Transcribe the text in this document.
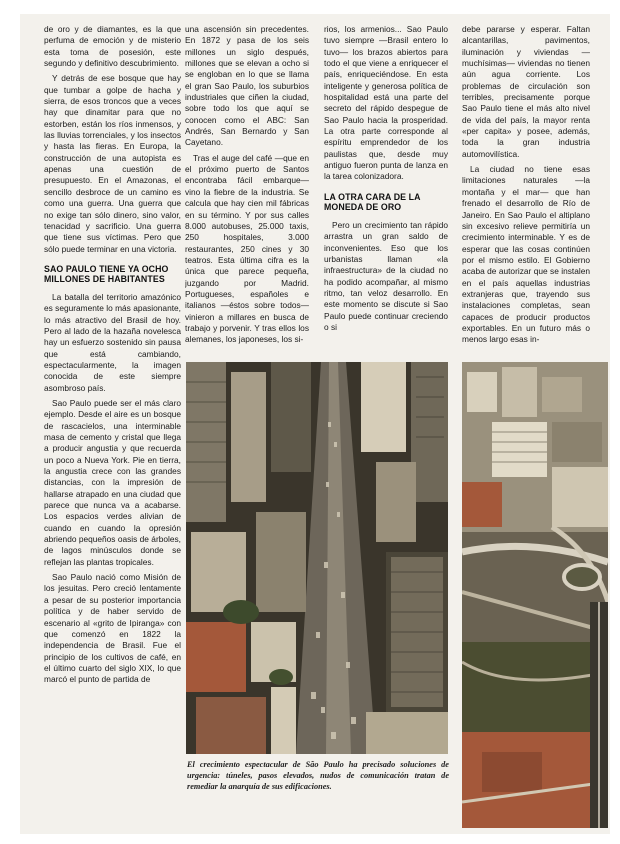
de oro y de diamantes, es la que perfuma de emoción y de misterio esta toma de posesión, este segundo y definitivo descubrimiento.

Y detrás de ese bosque que hay que tumbar a golpe de hacha y sierra, de esos troncos que a veces hay que dinamitar para que no estorben, están los ríos inmensos, y las lluvias torrenciales, y los insectos y hasta las fieras. En Europa, la construcción de una autopista es apenas una cuestión de presupuesto. En el Amazonas, el sencillo desbroce de un camino es como una guerra. Una guerra que no exige tan sólo dinero, sino valor, tenacidad y sacrificio. Una guerra que tiene sus víctimas. Pero que sólo puede terminar en una victoria.

SAO PAULO TIENE YA OCHO MILLONES DE HABITANTES

La batalla del territorio amazónico es seguramente lo más apasionante, lo más atractivo del Brasil de hoy. Pero al lado de la hazaña novelesca hay un esfuerzo sostenido sin pausa que está cambiando, espectacularmente, la imagen conocida de este siempre asombroso país.

Sao Paulo puede ser el más claro ejemplo. Desde el aire es un bosque de rascacielos, una interminable masa de cemento y cristal que llega a producir angustia y que recuerda un poco a Nueva York. Pie en tierra, la angustia crece con las grandes distancias, con la impresión de hallarse atrapado en una ciudad que parece que nunca va a acabarse. Los espacios verdes alivian de cuando en cuando la opresión abriendo pequeños oasis de árboles, de lagos minúsculos donde se reflejan las plantas tropicales.

Sao Paulo nació como Misión de los jesuitas. Pero creció lentamente a pesar de su posterior importancia política y de haber servido de escenario al «grito de Ipiranga» con que comenzó en 1822 la independencia de Brasil. Fue el principio de los cultivos de café, en el último cuarto del siglo XIX, lo que marcó el punto de partida de

una ascensión sin precedentes. En 1872 y pasa de los seis millones un siglo después, millones que se elevan a ocho si se engloban en lo que se llama el gran Sao Paulo, los suburbios industriales que ciñen la ciudad, sobre todo los que aquí se conocen como el ABC: San Andrés, San Bernardo y San Cayetano.

Tras el auge del café —que en el próximo puerto de Santos encontraba fácil embarque— vino la fiebre de la industria. Se calcula que hay cien mil fábricas en su término. Y por sus calles 8.000 autobuses, 25.000 taxis, 250 hospitales, 3.000 restaurantes, 250 cines y 30 teatros. Esta última cifra es la única que parece pequeña, juzgando por Madrid. Portugueses, españoles e italianos —éstos sobre todos— vinieron a millares en busca de trabajo y porvenir. Y tras ellos los alemanes, los japoneses, los si-

rios, los armenios... Sao Paulo tuvo siempre —Brasil entero lo tuvo— los brazos abiertos para todo el que viene a enriquecer el país, enriqueciéndose. En esta inteligente y generosa política de hospitalidad está una parte del secreto del rápido despegue de Sao Paulo hacia la prosperidad. La otra parte corresponde al espíritu emprendedor de los paulistas que, desde muy antiguo fueron punta de lanza en la tarea colonizadora.

LA OTRA CARA DE LA MONEDA DE ORO

Pero un crecimiento tan rápido arrastra un gran saldo de inconvenientes. Eso que los urbanistas llaman «la infraestructura» de la ciudad no ha podido acompañar, al mismo ritmo, tan veloz desarrollo. En este momento se discute si Sao Paulo puede continuar creciendo o si

debe pararse y esperar. Faltan alcantarillas, pavimentos, iluminación y viviendas —muchísimas— viviendas no tienen aún agua corriente. Los problemas de circulación son terribles, precisamente porque Sao Paulo tiene el más alto nivel de vida del país, la mayor renta «per capita» y posee, además, toda la gran industria automovilística.

La ciudad no tiene esas limitaciones naturales —la montaña y el mar— que han frenado el desarrollo de Río de Janeiro. En Sao Paulo el altiplano sin excesivo relieve permitiría un crecimiento interminable. Y es de esperar que las cosas continúen por el mismo estilo. El Gobierno acaba de autorizar que se instalen en el país aquellas industrias extranjeras que, trayendo sus instalaciones completas, sean capaces de producir productos exportables. En un futuro más o menos largo esas in-

El crecimiento espectacular de São Paulo ha precisado soluciones de urgencia: túneles, pasos elevados, nudos de comunicación tratan de remediar la anarquía de sus edificaciones.
